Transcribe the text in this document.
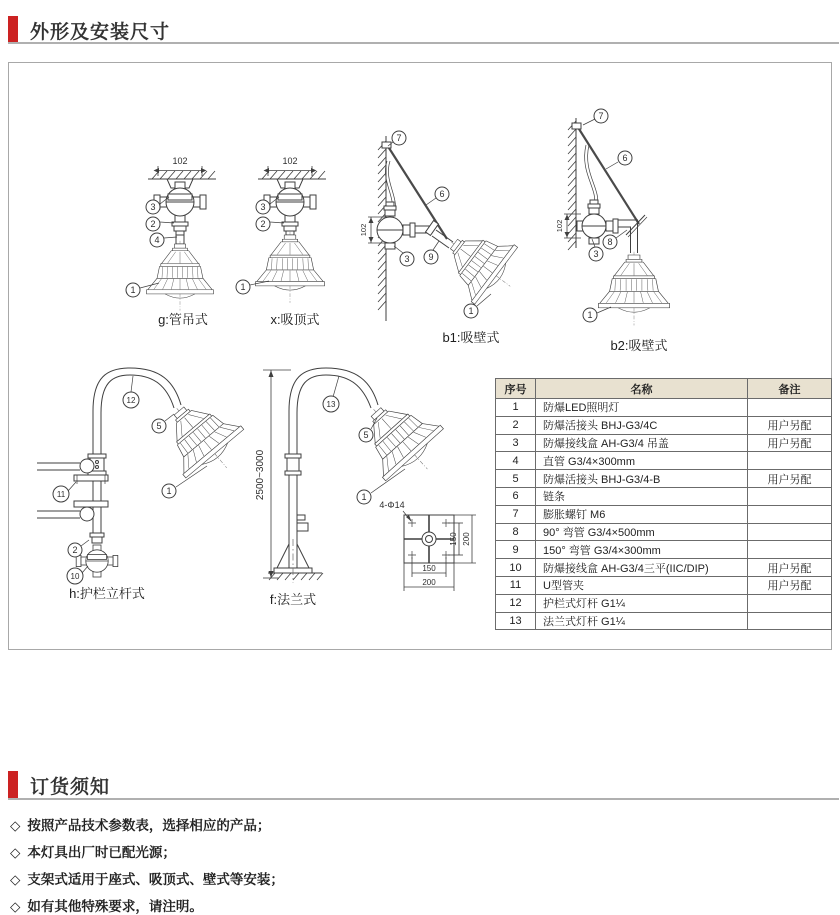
外形及安装尺寸
102
3
2
4
1
g:管吊式
102
3
2
1
x:吸顶式
102
7
6
3 9
1
b1:吸壁式
102
7
6
8
3
1
b2:吸壁式
12
5
1
11
2
10
h:护栏立杆式
2500~3000
13
5
1
4-Φ14
150 200
150
200
f:法兰式
序号	名称	备注
1	防爆LED照明灯	
2	防爆活接头 BHJ-G3/4C	用户另配
3	防爆接线盒 AH-G3/4 吊盖	用户另配
4	直管 G3/4×300mm	
5	防爆活接头 BHJ-G3/4-B	用户另配
6	链条	
7	膨胀螺钉 M6	
8	90° 弯管 G3/4×500mm	
9	150° 弯管 G3/4×300mm	
10	防爆接线盒 AH-G3/4三平(IIC/DIP)	用户另配
11	U型管夹	用户另配
12	护栏式灯杆 G1¼	
13	法兰式灯杆 G1¼	
订货须知
◇ 按照产品技术参数表，选择相应的产品；
◇ 本灯具出厂时已配光源；
◇ 支架式适用于座式、吸顶式、壁式等安装；
◇ 如有其他特殊要求，请注明。
